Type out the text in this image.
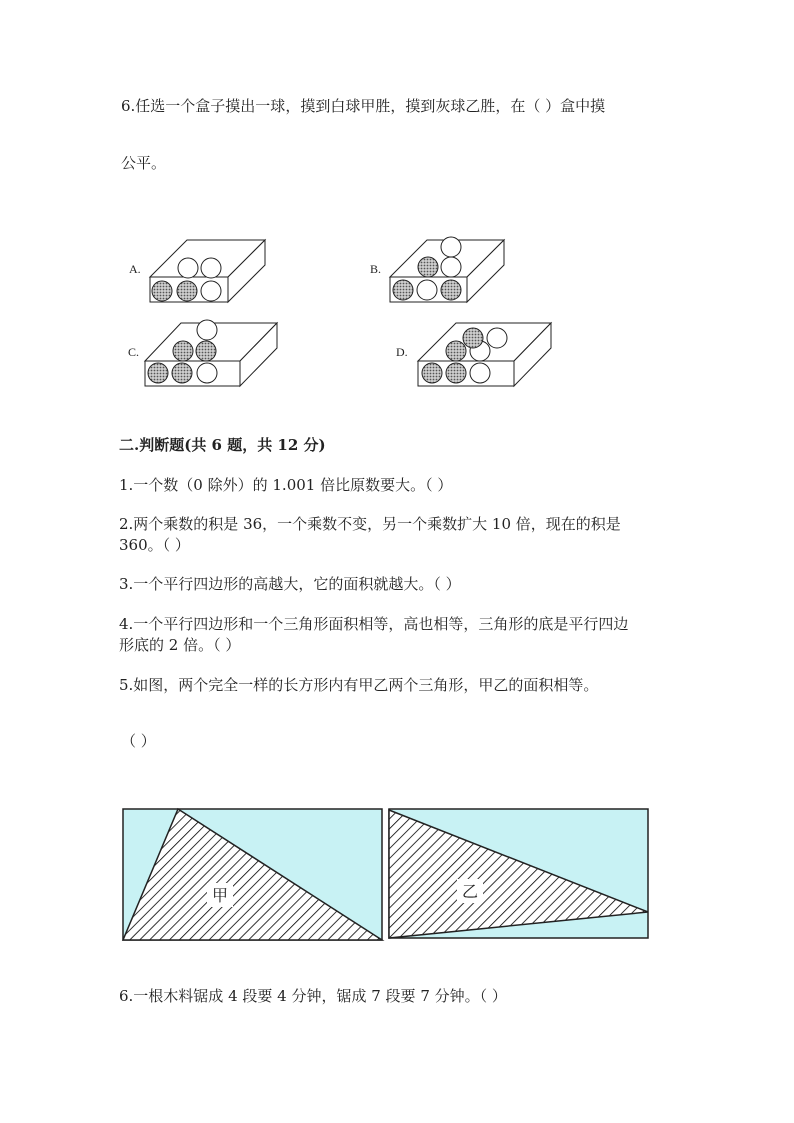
6.任选一个盒子摸出一球，摸到白球甲胜，摸到灰球乙胜，在（ ）盒中摸
公平。
A.	B.
C.	D.
甲	乙
二.判断题(共 6 题，共 12 分)
1.一个数（0 除外）的 1.001 倍比原数要大。（ ）
2.两个乘数的积是 36，一个乘数不变，另一个乘数扩大 10 倍，现在的积是
360。（ ）
3.一个平行四边形的高越大，它的面积就越大。（ ）
4.一个平行四边形和一个三角形面积相等，高也相等，三角形的底是平行四边
形底的 2 倍。（ ）
5.如图，两个完全一样的长方形内有甲乙两个三角形，甲乙的面积相等。
（ ）
6.一根木料锯成 4 段要 4 分钟，锯成 7 段要 7 分钟。（ ）
